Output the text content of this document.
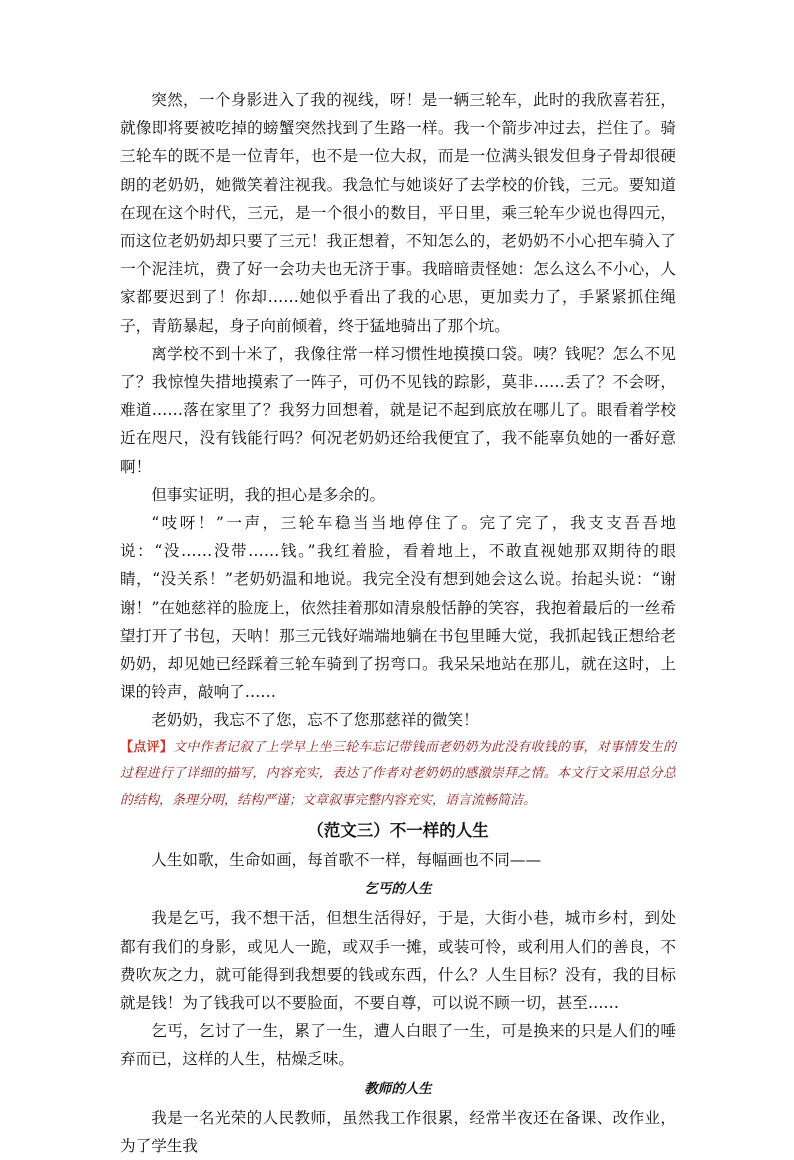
突然，一个身影进入了我的视线，呀！是一辆三轮车，此时的我欣喜若狂，就像即将要被吃掉的螃蟹突然找到了生路一样。我一个箭步冲过去，拦住了。骑三轮车的既不是一位青年，也不是一位大叔，而是一位满头银发但身子骨却很硬朗的老奶奶，她微笑着注视我。我急忙与她谈好了去学校的价钱，三元。要知道在现在这个时代，三元，是一个很小的数目，平日里，乘三轮车少说也得四元，而这位老奶奶却只要了三元！我正想着，不知怎么的，老奶奶不小心把车骑入了一个泥洼坑，费了好一会功夫也无济于事。我暗暗责怪她：怎么这么不小心，人家都要迟到了！你却……她似乎看出了我的心思，更加卖力了，手紧紧抓住绳子，青筋暴起，身子向前倾着，终于猛地骑出了那个坑。

离学校不到十米了，我像往常一样习惯性地摸摸口袋。咦？钱呢？怎么不见了？我惊惶失措地摸索了一阵子，可仍不见钱的踪影，莫非……丢了？不会呀，难道……落在家里了？我努力回想着，就是记不起到底放在哪儿了。眼看着学校近在咫尺，没有钱能行吗？何况老奶奶还给我便宜了，我不能辜负她的一番好意啊！

但事实证明，我的担心是多余的。

“吱呀！”一声，三轮车稳当当地停住了。完了完了，我支支吾吾地说：“没……没带……钱。”我红着脸，看着地上，不敢直视她那双期待的眼睛，“没关系！”老奶奶温和地说。我完全没有想到她会这么说。抬起头说：“谢谢！”在她慈祥的脸庞上，依然挂着那如清泉般恬静的笑容，我抱着最后的一丝希望打开了书包，天呐！那三元钱好端端地躺在书包里睡大觉，我抓起钱正想给老奶奶，却见她已经踩着三轮车骑到了拐弯口。我呆呆地站在那儿，就在这时，上课的铃声，敲响了……

老奶奶，我忘不了您，忘不了您那慈祥的微笑！

【点评】文中作者记叙了上学早上坐三轮车忘记带钱而老奶奶为此没有收钱的事，对事情发生的过程进行了详细的描写，内容充实，表达了作者对老奶奶的感激崇拜之情。本文行文采用总分总的结构，条理分明，结构严谨；文章叙事完整内容充实，语言流畅简洁。

（范文三）不一样的人生

人生如歌，生命如画，每首歌不一样，每幅画也不同——

乞丐的人生

我是乞丐，我不想干活，但想生活得好，于是，大街小巷，城市乡村，到处都有我们的身影，或见人一跪，或双手一摊，或装可怜，或利用人们的善良，不费吹灰之力，就可能得到我想要的钱或东西，什么？人生目标？没有，我的目标就是钱！为了钱我可以不要脸面，不要自尊，可以说不顾一切，甚至……

乞丐，乞讨了一生，累了一生，遭人白眼了一生，可是换来的只是人们的唾弃而已，这样的人生，枯燥乏味。

教师的人生

我是一名光荣的人民教师，虽然我工作很累，经常半夜还在备课、改作业，为了学生我
